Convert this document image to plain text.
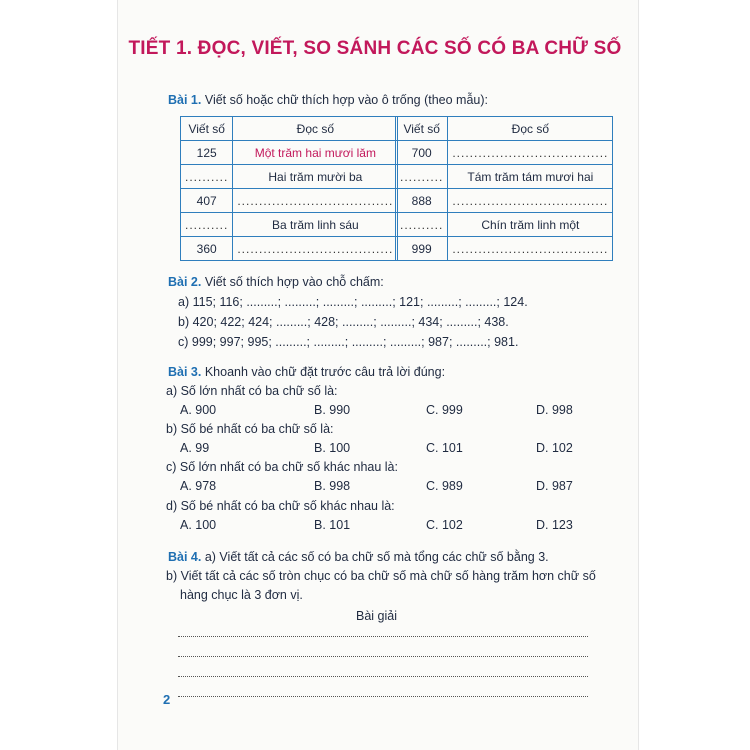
TIẾT 1. ĐỌC, VIẾT, SO SÁNH CÁC SỐ CÓ BA CHỮ SỐ
Bài 1. Viết số hoặc chữ thích hợp vào ô trống (theo mẫu):
Viết số	Đọc số
125	Một trăm hai mươi lăm
..........	Hai trăm mười ba
407	....................................
..........	Ba trăm linh sáu
360	....................................
Viết số	Đọc số
700	....................................
..........	Tám trăm tám mươi hai
888	....................................
..........	Chín trăm linh một
999	....................................
Bài 2. Viết số thích hợp vào chỗ chấm:
a) 115; 116; .........; .........; .........; .........; 121; .........; .........; 124.
b) 420; 422; 424; .........; 428; .........; .........; 434; .........; 438.
c) 999; 997; 995; .........; .........; .........; .........; 987; .........; 981.
Bài 3. Khoanh vào chữ đặt trước câu trả lời đúng:
a) Số lớn nhất có ba chữ số là:
A. 900	B. 990	C. 999	D. 998
b) Số bé nhất có ba chữ số là:
A. 99	B. 100	C. 101	D. 102
c) Số lớn nhất có ba chữ số khác nhau là:
A. 978	B. 998	C. 989	D. 987
d) Số bé nhất có ba chữ số khác nhau là:
A. 100	B. 101	C. 102	D. 123
Bài 4. a) Viết tất cả các số có ba chữ số mà tổng các chữ số bằng 3.
b) Viết tất cả các số tròn chục có ba chữ số mà chữ số hàng trăm hơn chữ số
hàng chục là 3 đơn vị.
Bài giải
2
